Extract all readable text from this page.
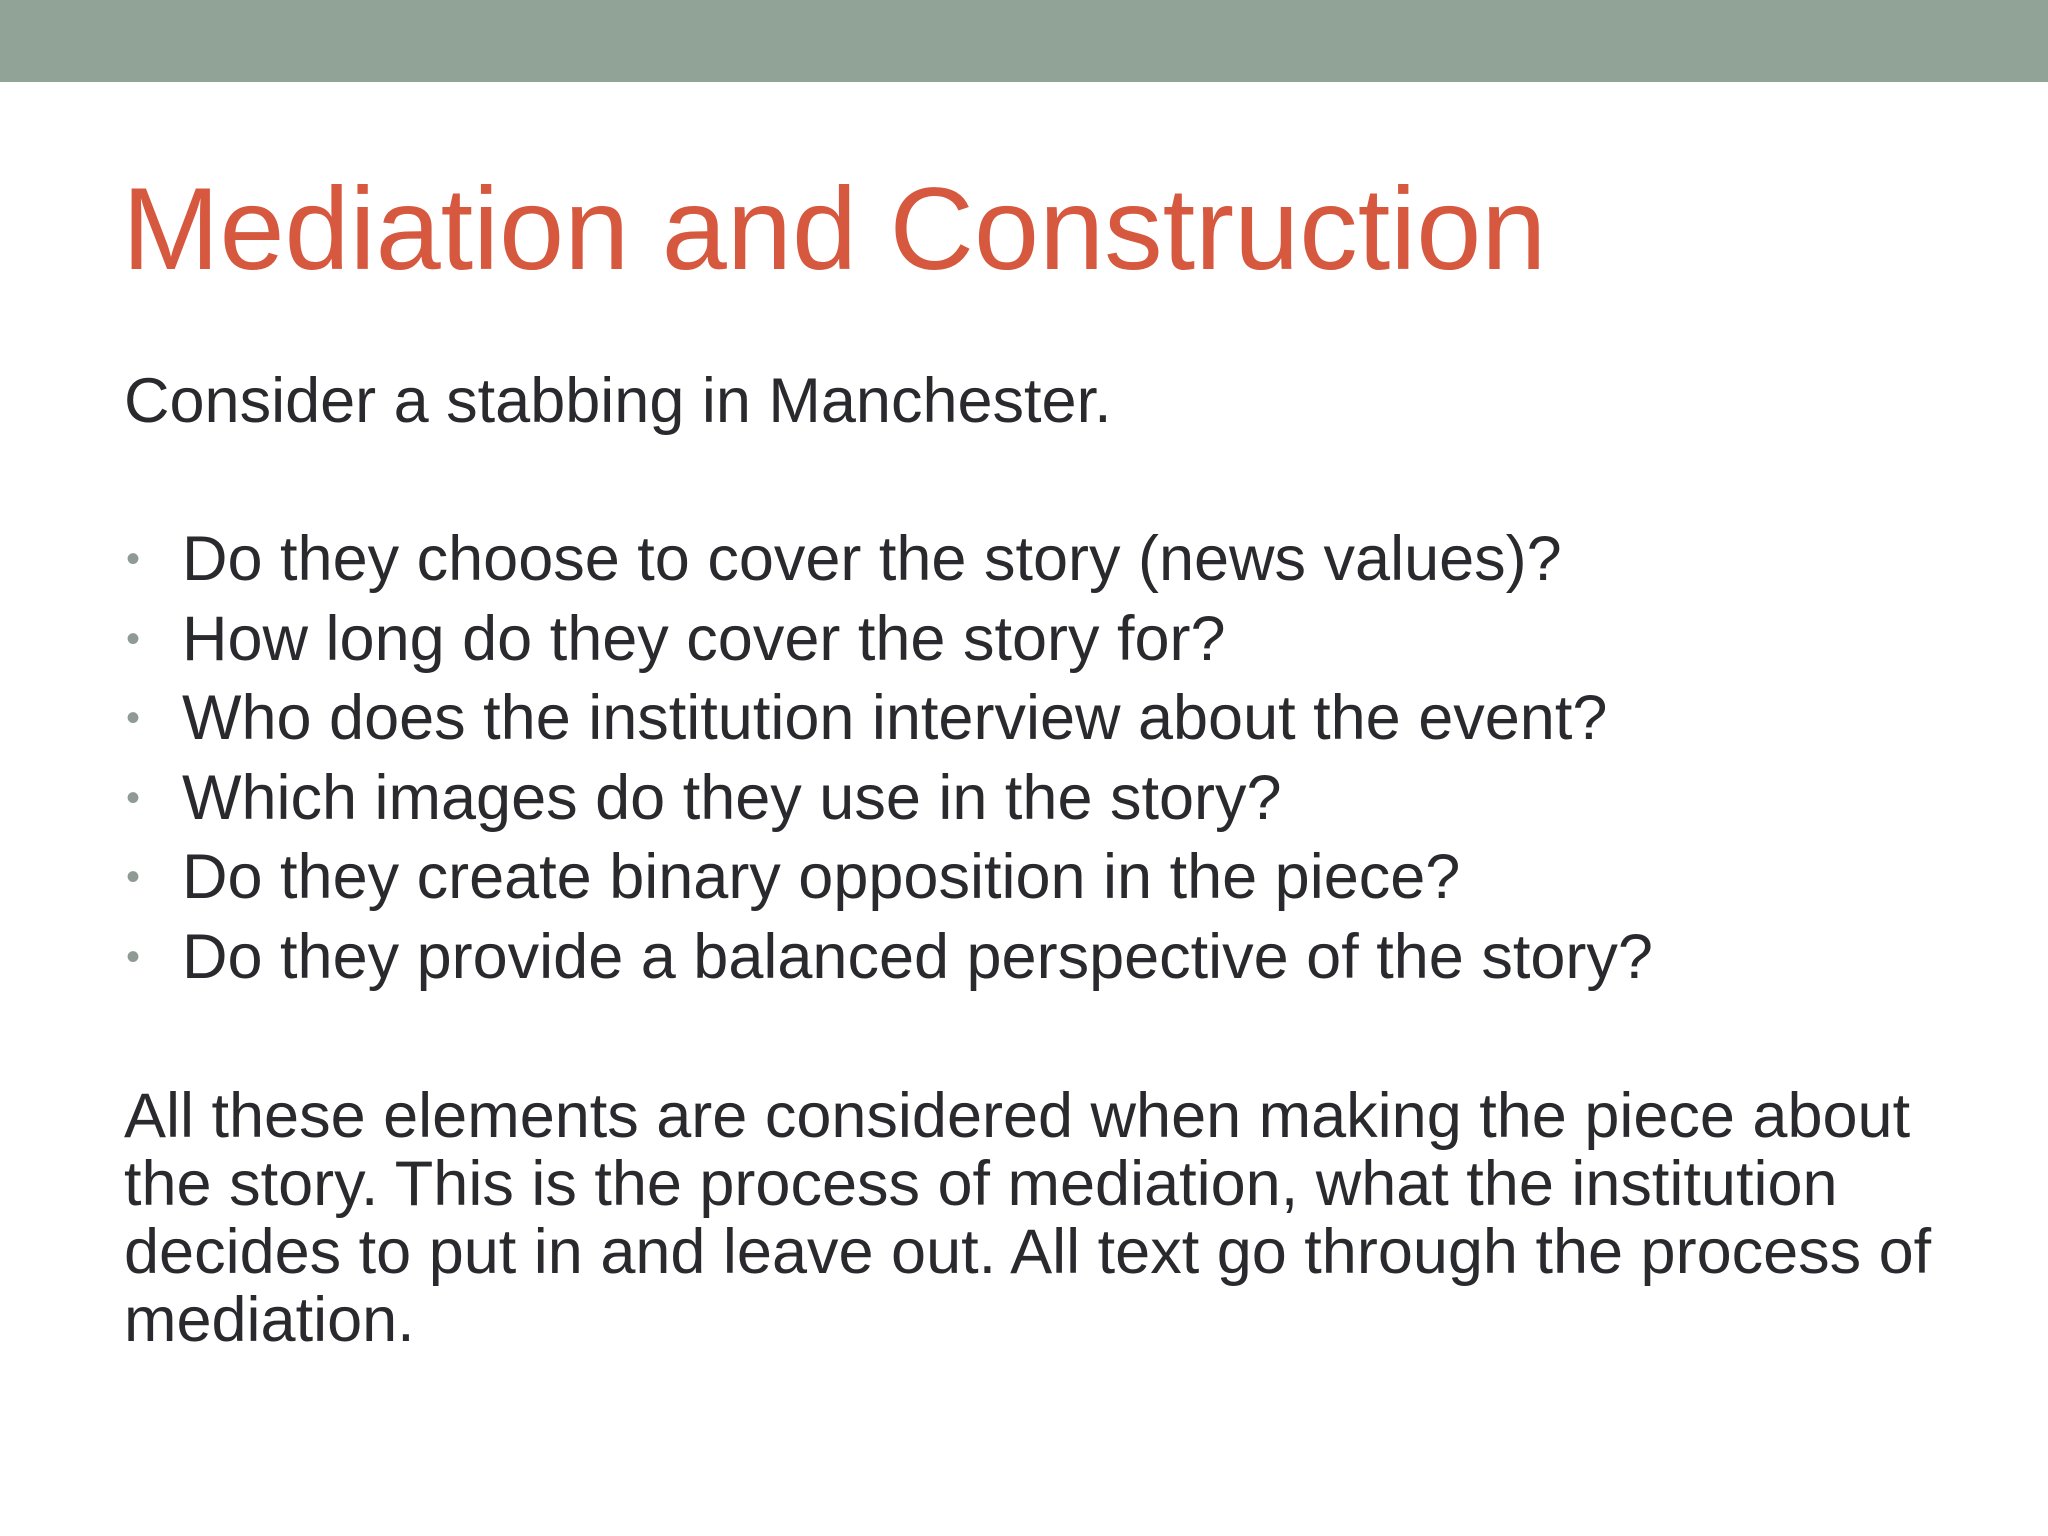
Mediation and Construction

Consider a stabbing in Manchester.

• Do they choose to cover the story (news values)?
• How long do they cover the story for?
• Who does the institution interview about the event?
• Which images do they use in the story?
• Do they create binary opposition in the piece?
• Do they provide a balanced perspective of the story?

All these elements are considered when making the piece about the story. This is the process of mediation, what the institution decides to put in and leave out. All text go through the process of mediation.
